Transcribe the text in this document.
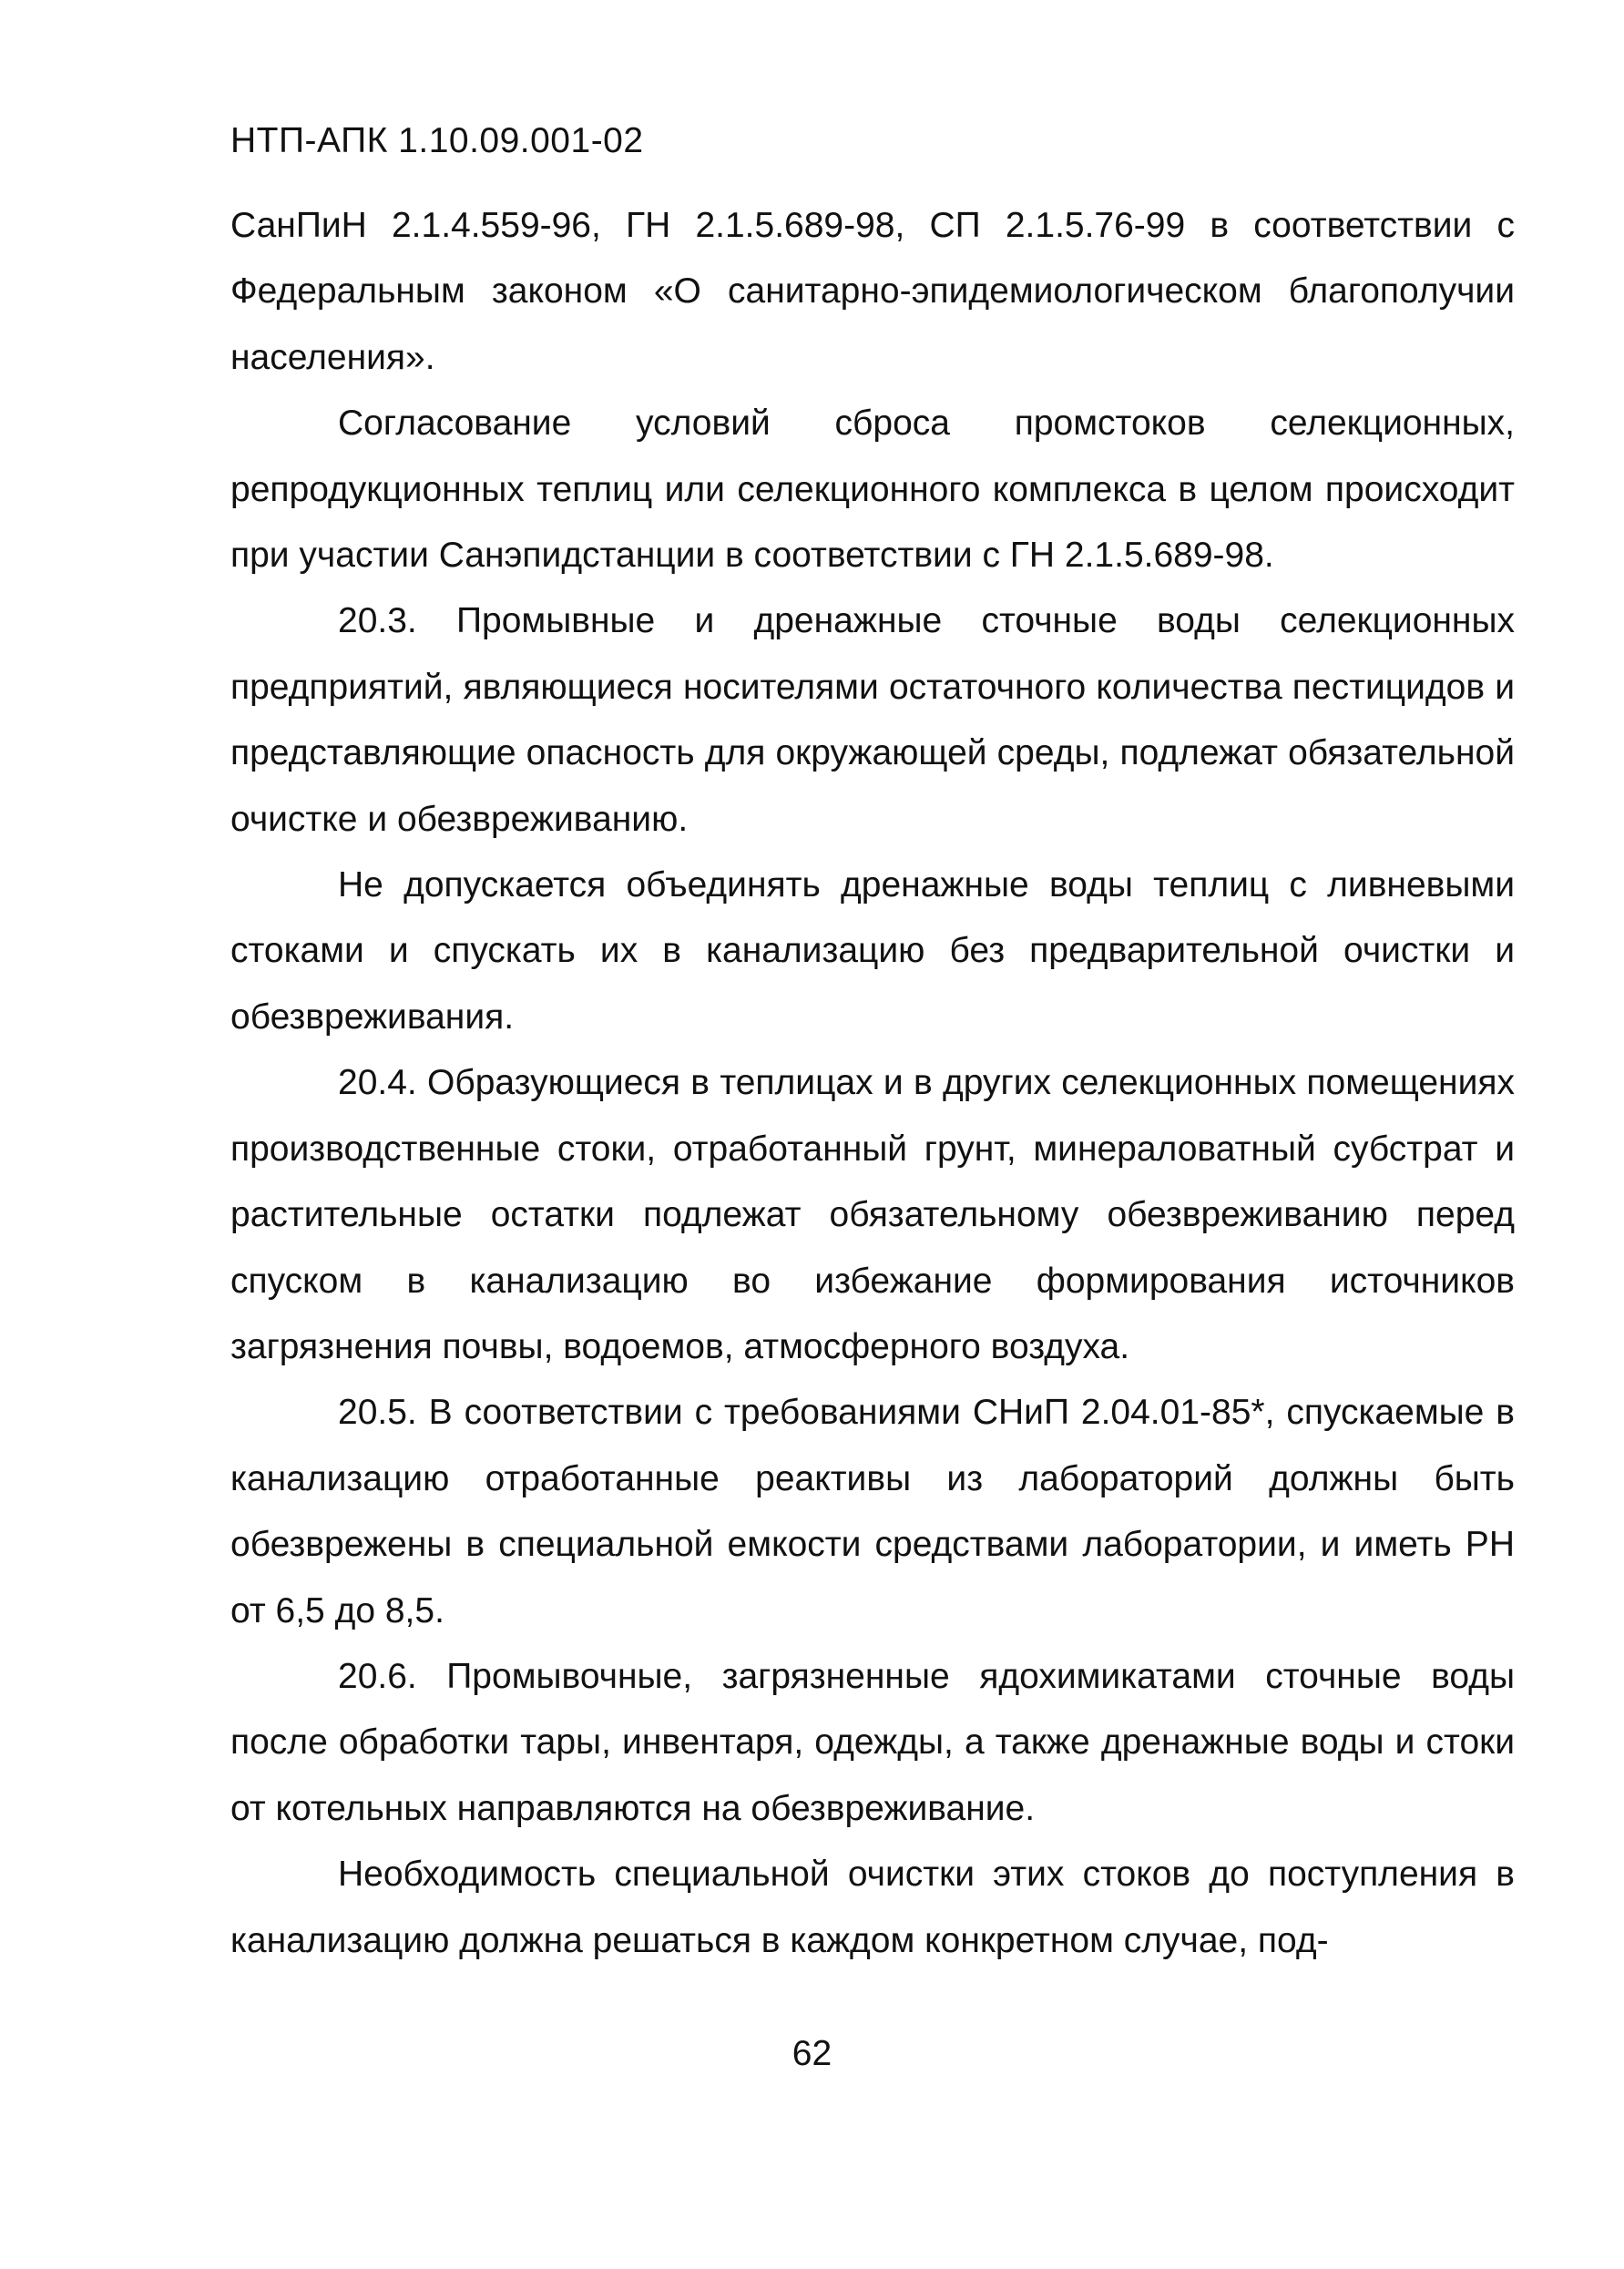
НТП-АПК 1.10.09.001-02

СанПиН 2.1.4.559-96, ГН 2.1.5.689-98, СП 2.1.5.76-99 в соответствии с Федеральным законом «О санитарно-эпидемиологическом благополучии населения».

Согласование условий сброса промстоков селекционных, репродукционных теплиц или селекционного комплекса в целом происходит при участии Санэпидстанции в соответствии с ГН 2.1.5.689-98.

20.3. Промывные и дренажные сточные воды селекционных предприятий, являющиеся носителями остаточного количества пестицидов и представляющие опасность для окружающей среды, подлежат обязательной очистке и обезвреживанию.

Не допускается объединять дренажные воды теплиц с ливневыми стоками и спускать их в канализацию без предварительной очистки и обезвреживания.

20.4. Образующиеся в теплицах и в других селекционных помещениях производственные стоки, отработанный грунт, минераловатный субстрат и растительные остатки подлежат обязательному обезвреживанию перед спуском в канализацию во избежание формирования источников загрязнения почвы, водоемов, атмосферного воздуха.

20.5. В соответствии с требованиями СНиП 2.04.01-85*, спускаемые в канализацию отработанные реактивы из лабораторий должны быть обезврежены в специальной емкости средствами лаборатории, и иметь PH от 6,5 до 8,5.

20.6. Промывочные, загрязненные ядохимикатами сточные воды после обработки тары, инвентаря, одежды, а также дренажные воды и стоки от котельных направляются на обезвреживание.

Необходимость специальной очистки этих стоков до поступления в канализацию должна решаться в каждом конкретном случае, под-

62
